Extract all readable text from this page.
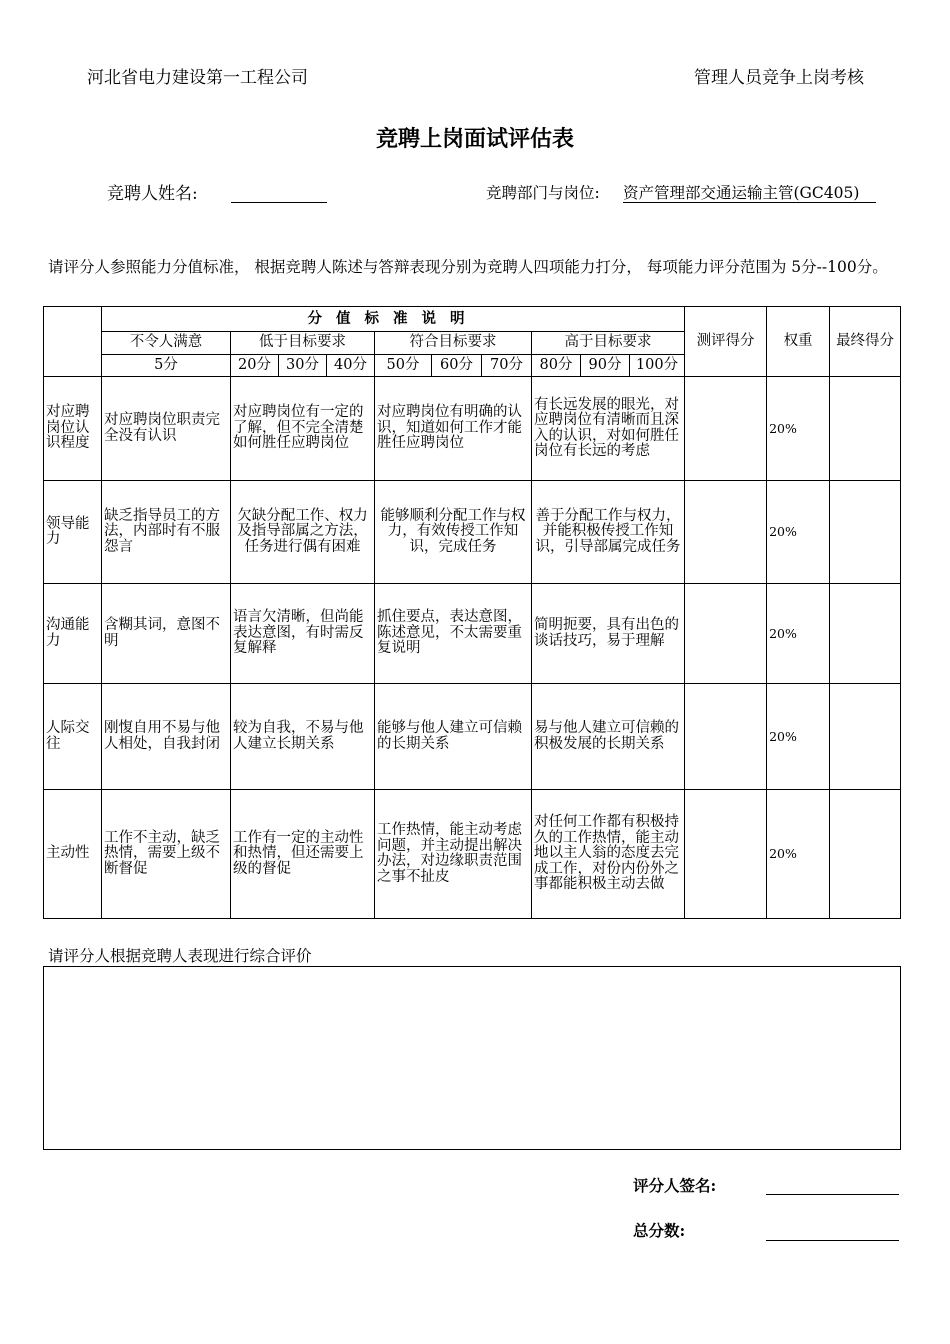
河北省电力建设第一工程公司	管理人员竞争上岗考核
竞聘上岗面试评估表
竞聘人姓名:	竞聘部门与岗位: 资产管理部交通运输主管(GC405)
请评分人参照能力分值标准， 根据竞聘人陈述与答辩表现分别为竞聘人四项能力打分， 每项能力评分范围为 5分--100分。
	分值标准说明										测评得分	权重	最终得分
	不令人满意	低于目标要求			符合目标要求			高于目标要求					
	5分	20分	30分	40分	50分	60分	70分	80分	90分	100分			
对应聘岗位认识程度	对应聘岗位职责完全没有认识	对应聘岗位有一定的了解，但不完全清楚如何胜任应聘岗位			对应聘岗位有明确的认识，知道如何工作才能胜任应聘岗位			有长远发展的眼光，对应聘岗位有清晰而且深入的认识，对如何胜任岗位有长远的考虑				20%	
领导能力	缺乏指导员工的方法，内部时有不服怨言	欠缺分配工作、权力及指导部属之方法，任务进行偶有困难			能够顺利分配工作与权力，有效传授工作知识，完成任务			善于分配工作与权力，并能积极传授工作知识，引导部属完成任务				20%	
沟通能力	含糊其词，意图不明	语言欠清晰，但尚能表达意图，有时需反复解释			抓住要点，表达意图，陈述意见，不太需要重复说明			简明扼要，具有出色的谈话技巧，易于理解				20%	
人际交往	刚愎自用不易与他人相处，自我封闭	较为自我，不易与他人建立长期关系			能够与他人建立可信赖的长期关系			易与他人建立可信赖的积极发展的长期关系				20%	
主动性	工作不主动，缺乏热情，需要上级不断督促	工作有一定的主动性和热情，但还需要上级的督促			工作热情，能主动考虑问题，并主动提出解决办法，对边缘职责范围之事不扯皮			对任何工作都有积极持久的工作热情，能主动地以主人翁的态度去完成工作，对份内份外之事都能积极主动去做				20%	
请评分人根据竞聘人表现进行综合评价
评分人签名:
总分数:
